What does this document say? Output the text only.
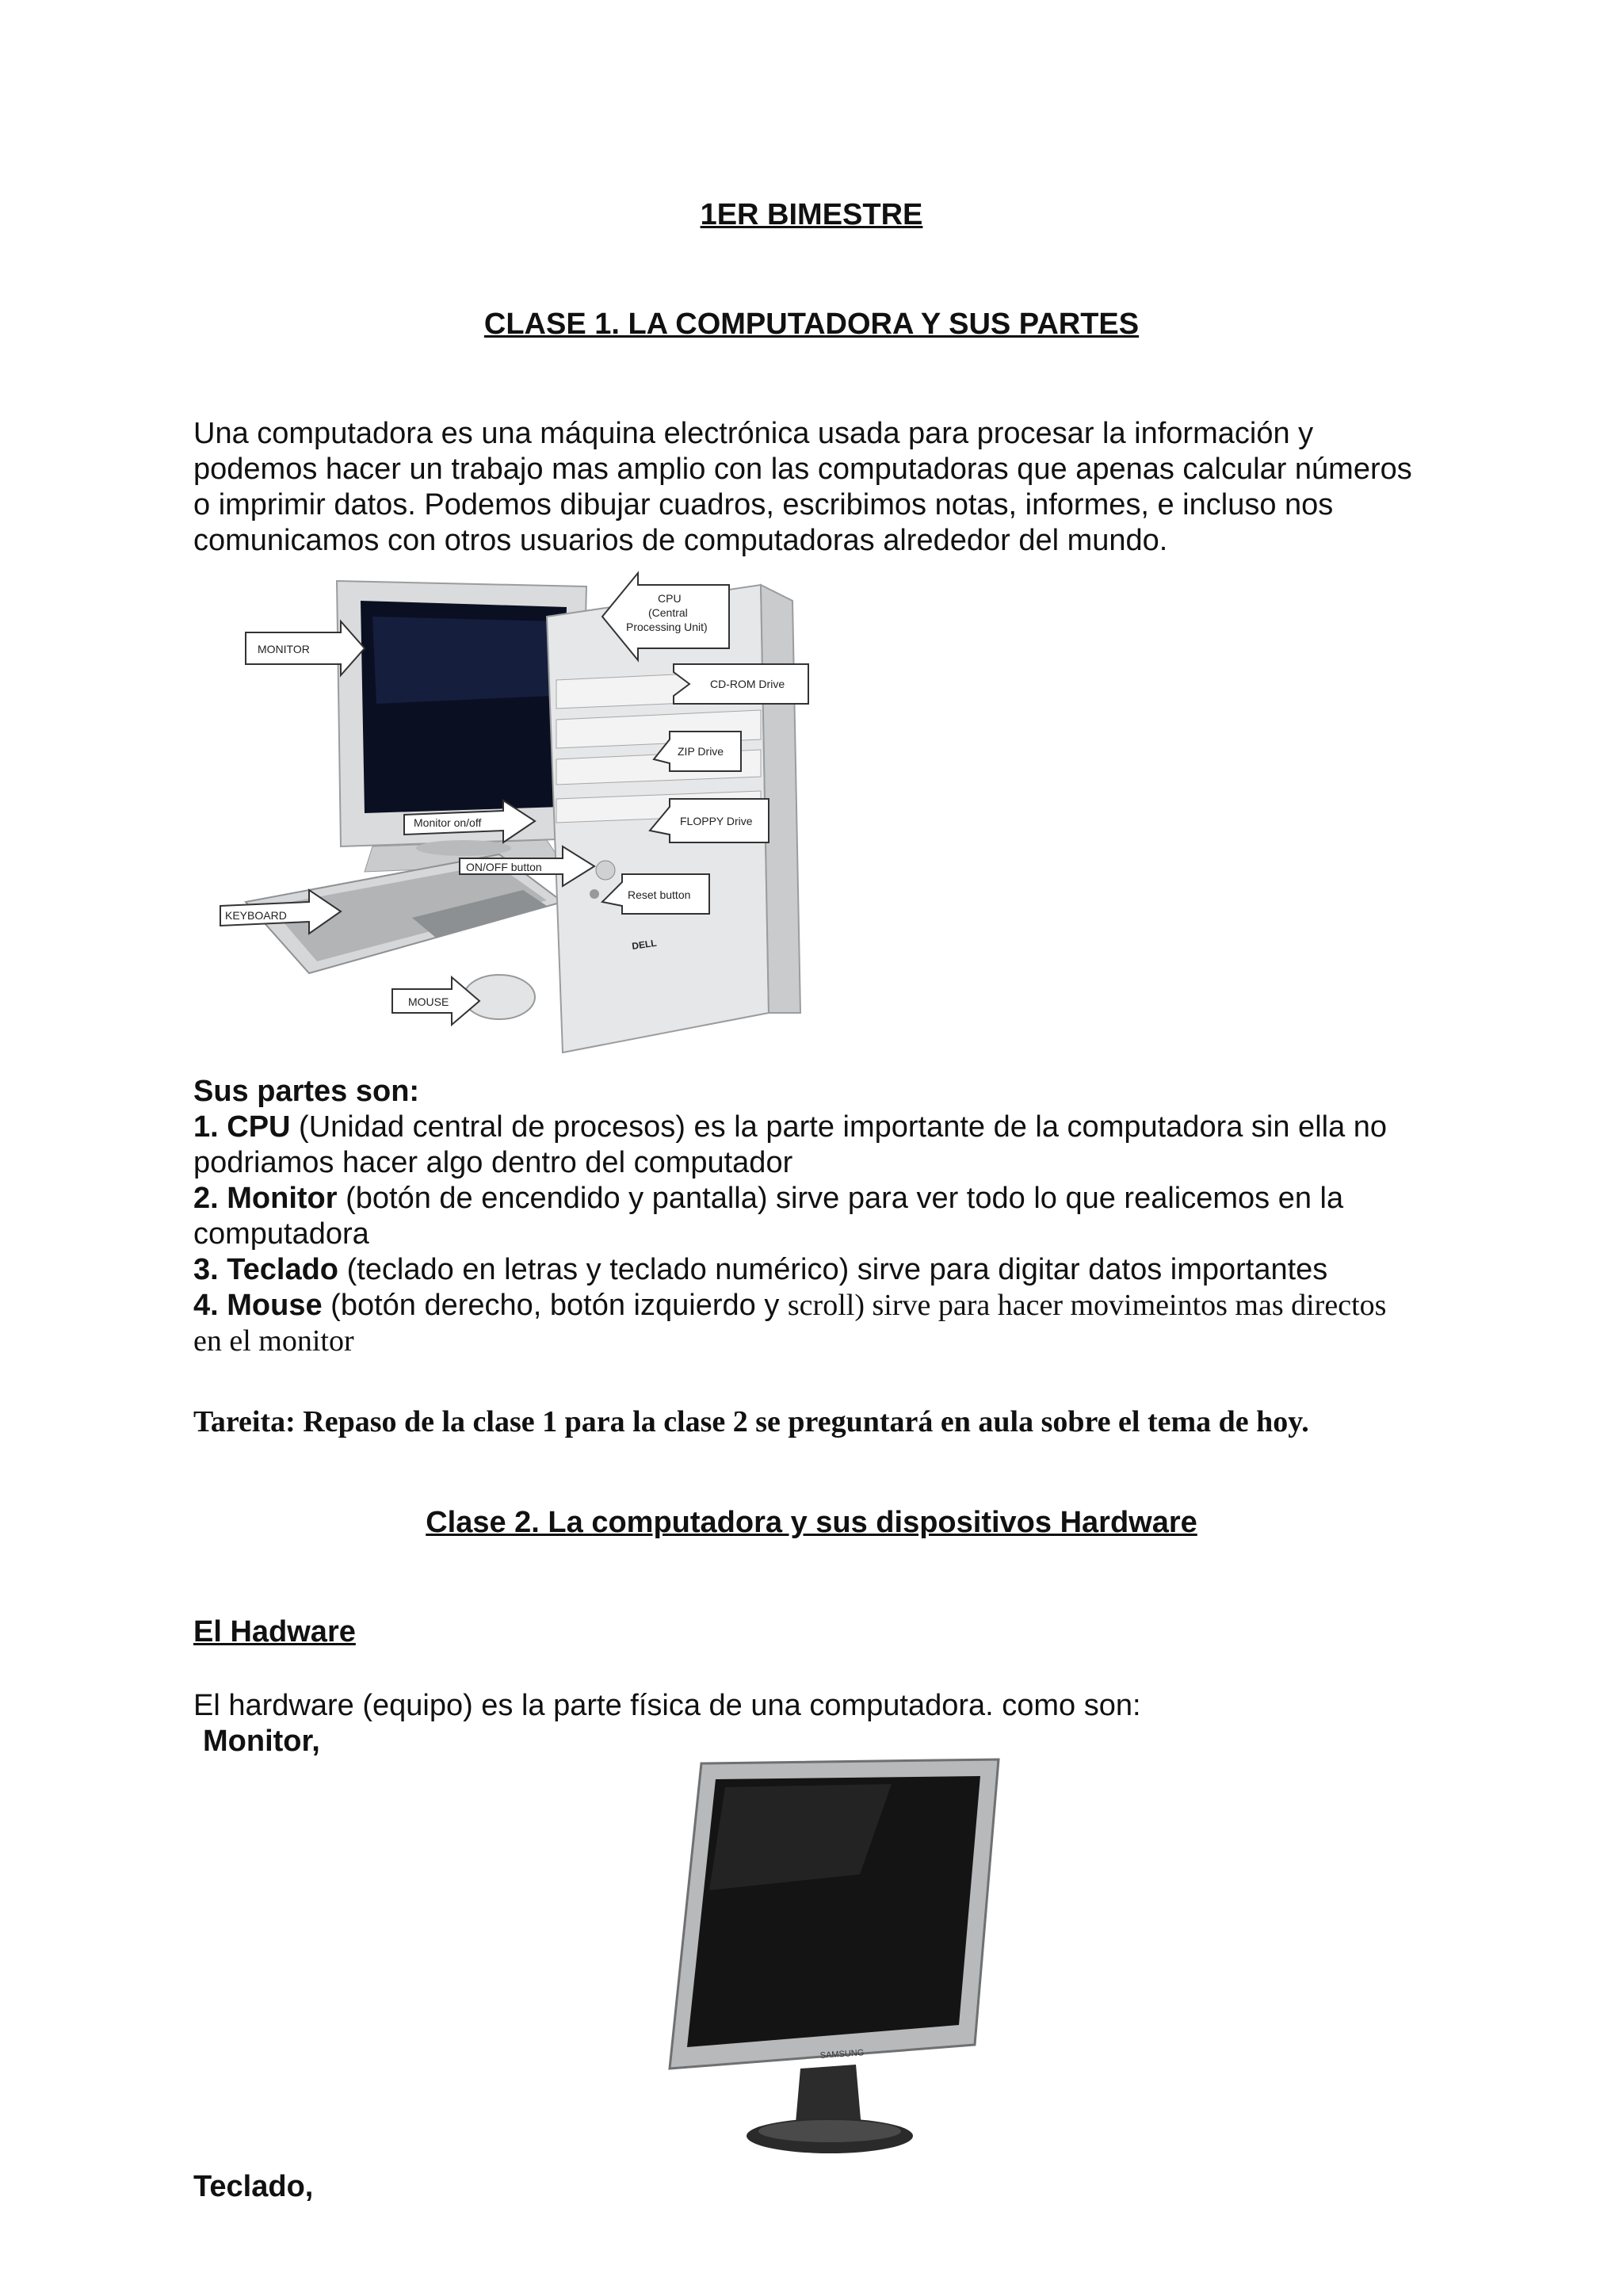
1ER BIMESTRE
CLASE 1. LA COMPUTADORA Y SUS PARTES
Una computadora es una máquina electrónica usada para procesar la información y
podemos hacer un trabajo mas amplio con las computadoras que apenas calcular números
o imprimir datos. Podemos dibujar cuadros, escribimos notas, informes, e incluso nos
comunicamos con otros usuarios de computadoras alrededor del mundo.
MONITOR
CPU
(Central
Processing Unit)
CD-ROM Drive
ZIP Drive
Monitor on/off	FLOPPY Drive
ON/OFF button
KEYBOARD
Reset button
MOUSE
DELL
Sus partes son:
1. CPU (Unidad central de procesos) es la parte importante de la computadora sin ella no
podriamos hacer algo dentro del computador
2. Monitor (botón de encendido y pantalla) sirve para ver todo lo que realicemos en la
computadora
3. Teclado (teclado en letras y teclado numérico) sirve para digitar datos importantes
4. Mouse (botón derecho, botón izquierdo y scroll) sirve para hacer movimeintos mas directos
en el monitor
Tareita: Repaso de la clase 1 para la clase 2 se preguntará en aula sobre el tema de hoy.
Clase 2. La computadora y sus dispositivos Hardware
El Hadware
El hardware (equipo) es la parte física de una computadora. como son:
Monitor,
SAMSUNG
Teclado,
